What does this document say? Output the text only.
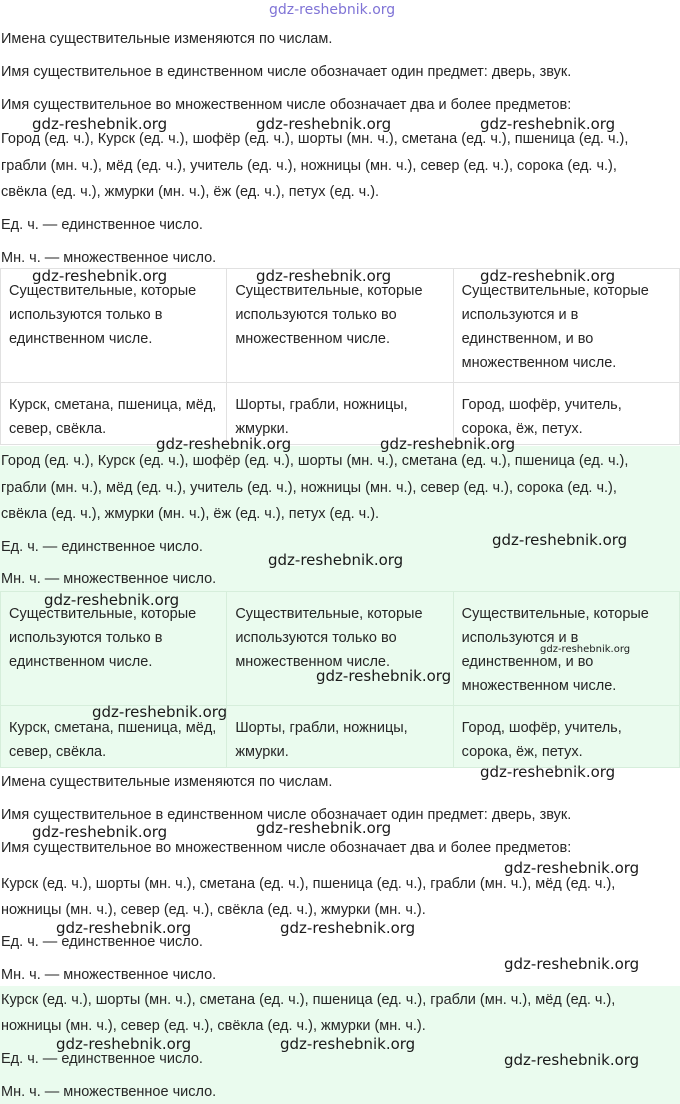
gdz-reshebnik.org
Имена существительные изменяются по числам.
Имя существительное в единственном числе обозначает один предмет: дверь, звук.
Имя существительное во множественном числе обозначает два и более предметов:
Город (ед. ч.), Курск (ед. ч.), шофёр (ед. ч.), шорты (мн. ч.), сметана (ед. ч.), пшеница (ед. ч.),
грабли (мн. ч.), мёд (ед. ч.), учитель (ед. ч.), ножницы (мн. ч.), север (ед. ч.), сорока (ед. ч.),
свёкла (ед. ч.), жмурки (мн. ч.), ёж (ед. ч.), петух (ед. ч.).
Ед. ч. — единственное число.
Мн. ч. — множественное число.
Существительные, которые используются только в единственном числе.	Существительные, которые используются только во множественном числе.	Существительные, которые используются и в единственном, и во множественном числе.
Курск, сметана, пшеница, мёд, север, свёкла.	Шорты, грабли, ножницы, жмурки.	Город, шофёр, учитель, сорока, ёж, петух.
Город (ед. ч.), Курск (ед. ч.), шофёр (ед. ч.), шорты (мн. ч.), сметана (ед. ч.), пшеница (ед. ч.),
грабли (мн. ч.), мёд (ед. ч.), учитель (ед. ч.), ножницы (мн. ч.), север (ед. ч.), сорока (ед. ч.),
свёкла (ед. ч.), жмурки (мн. ч.), ёж (ед. ч.), петух (ед. ч.).
Ед. ч. — единственное число.
Мн. ч. — множественное число.
Существительные, которые используются только в единственном числе.	Существительные, которые используются только во множественном числе.	Существительные, которые используются и в единственном, и во множественном числе.
Курск, сметана, пшеница, мёд, север, свёкла.	Шорты, грабли, ножницы, жмурки.	Город, шофёр, учитель, сорока, ёж, петух.
Имена существительные изменяются по числам.
Имя существительное в единственном числе обозначает один предмет: дверь, звук.
Имя существительное во множественном числе обозначает два и более предметов:
Курск (ед. ч.), шорты (мн. ч.), сметана (ед. ч.), пшеница (ед. ч.), грабли (мн. ч.), мёд (ед. ч.),
ножницы (мн. ч.), север (ед. ч.), свёкла (ед. ч.), жмурки (мн. ч.).
Ед. ч. — единственное число.
Мн. ч. — множественное число.
Курск (ед. ч.), шорты (мн. ч.), сметана (ед. ч.), пшеница (ед. ч.), грабли (мн. ч.), мёд (ед. ч.),
ножницы (мн. ч.), север (ед. ч.), свёкла (ед. ч.), жмурки (мн. ч.).
Ед. ч. — единственное число.
Мн. ч. — множественное число.
gdz-reshebnik.org	gdz-reshebnik.org	gdz-reshebnik.org
gdz-reshebnik.org	gdz-reshebnik.org	gdz-reshebnik.org
gdz-reshebnik.org	gdz-reshebnik.org
gdz-reshebnik.org
gdz-reshebnik.org
gdz-reshebnik.org
gdz-reshebnik.org
gdz-reshebnik.org
gdz-reshebnik.org
gdz-reshebnik.org
gdz-reshebnik.org
gdz-reshebnik.org
gdz-reshebnik.org
gdz-reshebnik.org	gdz-reshebnik.org
gdz-reshebnik.org
gdz-reshebnik.org	gdz-reshebnik.org
gdz-reshebnik.org
